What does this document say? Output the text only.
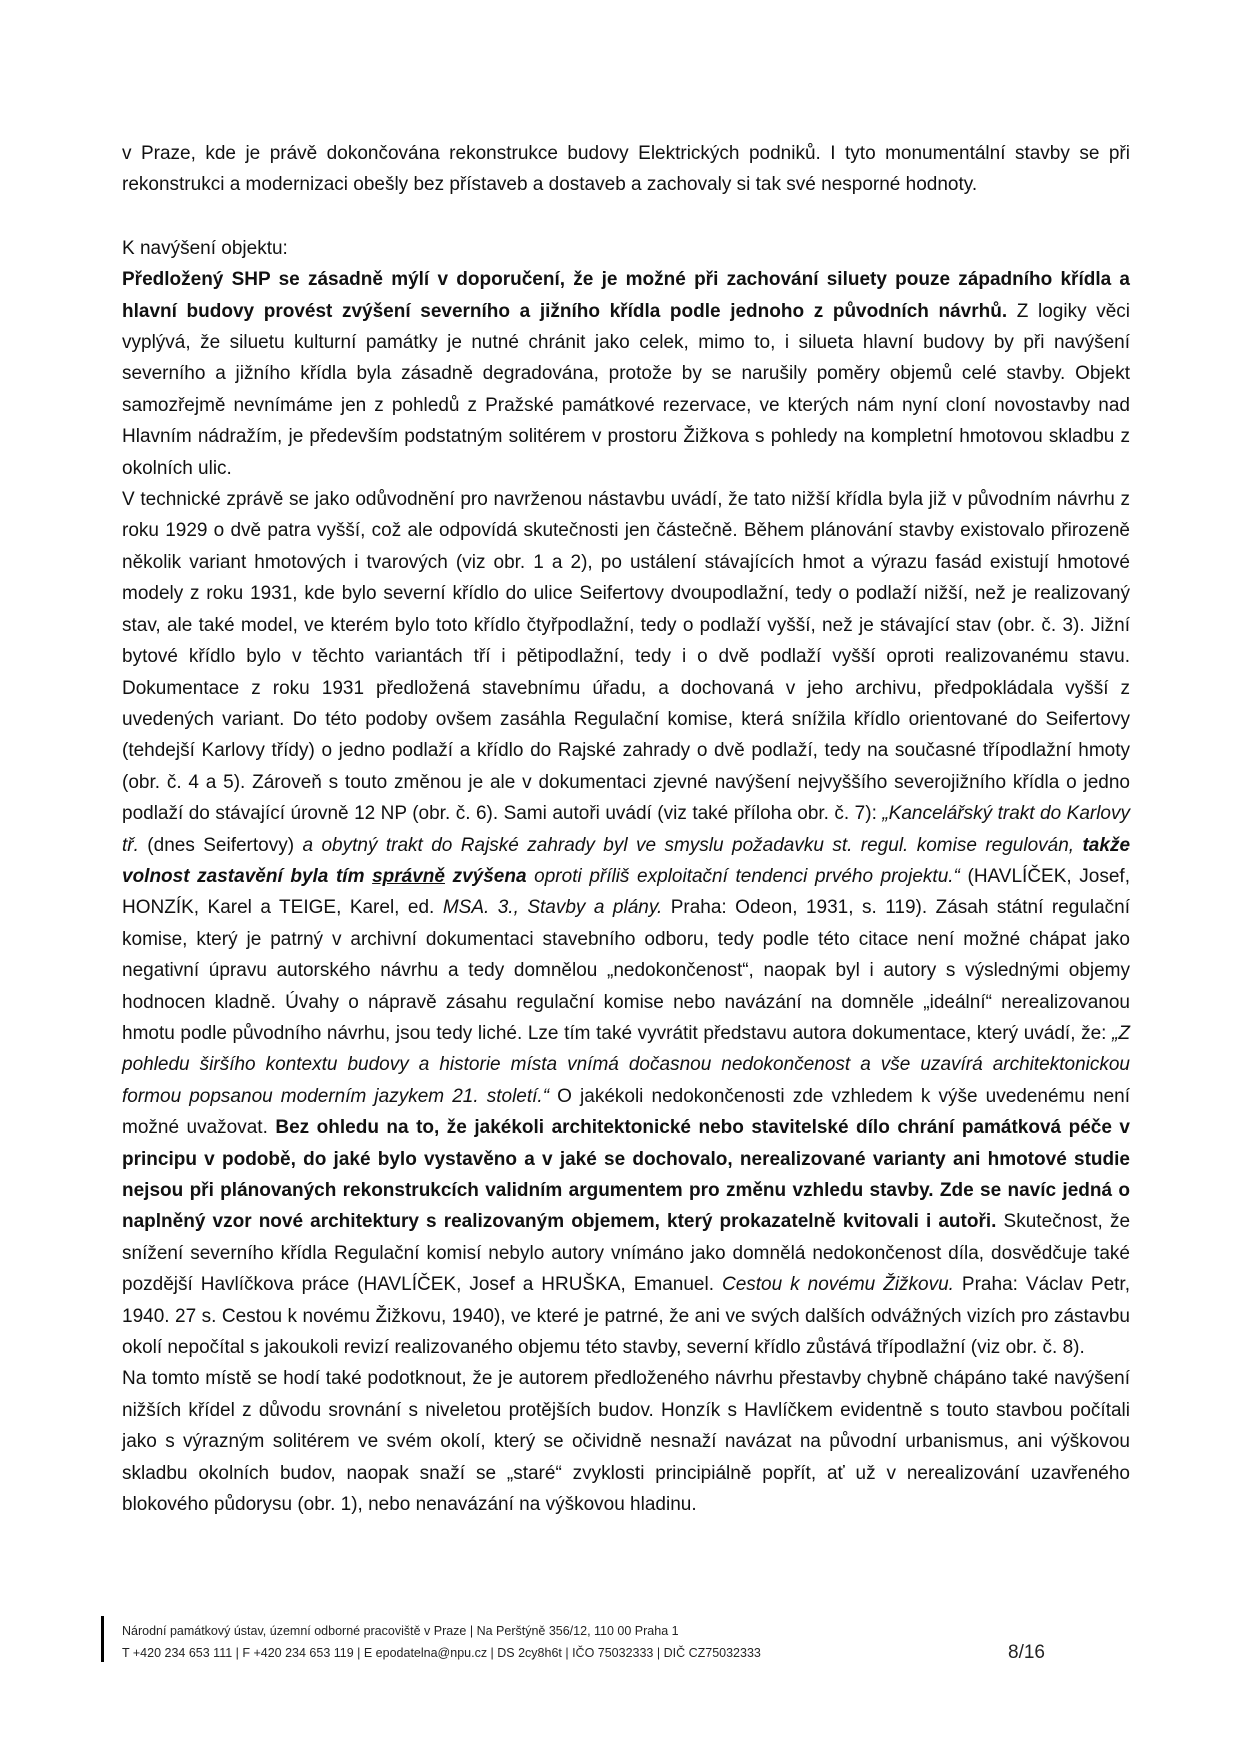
v Praze, kde je právě dokončována rekonstrukce budovy Elektrických podniků. I tyto monumentální stavby se při rekonstrukci a modernizaci obešly bez přístaveb a dostaveb a zachovaly si tak své nesporné hodnoty.

K navýšení objektu:

Předložený SHP se zásadně mýlí v doporučení, že je možné při zachování siluety pouze západního křídla a hlavní budovy provést zvýšení severního a jižního křídla podle jednoho z původních návrhů. Z logiky věci vyplývá, že siluetu kulturní památky je nutné chránit jako celek, mimo to, i silueta hlavní budovy by při navýšení severního a jižního křídla byla zásadně degradována, protože by se narušily poměry objemů celé stavby. Objekt samozřejmě nevnímáme jen z pohledů z Pražské památkové rezervace, ve kterých nám nyní cloní novostavby nad Hlavním nádražím, je především podstatným solitérem v prostoru Žižkova s pohledy na kompletní hmotovou skladbu z okolních ulic.

V technické zprávě se jako odůvodnění pro navrženou nástavbu uvádí, že tato nižší křídla byla již v původním návrhu z roku 1929 o dvě patra vyšší, což ale odpovídá skutečnosti jen částečně. Během plánování stavby existovalo přirozeně několik variant hmotových i tvarových (viz obr. 1 a 2), po ustálení stávajících hmot a výrazu fasád existují hmotové modely z roku 1931, kde bylo severní křídlo do ulice Seifertovy dvoupodlažní, tedy o podlaží nižší, než je realizovaný stav, ale také model, ve kterém bylo toto křídlo čtyřpodlažní, tedy o podlaží vyšší, než je stávající stav (obr. č. 3). Jižní bytové křídlo bylo v těchto variantách tří i pětipodlažní, tedy i o dvě podlaží vyšší oproti realizovanému stavu. Dokumentace z roku 1931 předložená stavebnímu úřadu, a dochovaná v jeho archivu, předpokládala vyšší z uvedených variant. Do této podoby ovšem zasáhla Regulační komise, která snížila křídlo orientované do Seifertovy (tehdejší Karlovy třídy) o jedno podlaží a křídlo do Rajské zahrady o dvě podlaží, tedy na současné třípodlažní hmoty (obr. č. 4 a 5). Zároveň s touto změnou je ale v dokumentaci zjevné navýšení nejvyššího severojižního křídla o jedno podlaží do stávající úrovně 12 NP (obr. č. 6). Sami autoři uvádí (viz také příloha obr. č. 7): „Kancelářský trakt do Karlovy tř. (dnes Seifertovy) a obytný trakt do Rajské zahrady byl ve smyslu požadavku st. regul. komise regulován, takže volnost zastavění byla tím správně zvýšena oproti příliš exploitační tendenci prvého projektu.“ (HAVLÍČEK, Josef, HONZÍK, Karel a TEIGE, Karel, ed. MSA. 3., Stavby a plány. Praha: Odeon, 1931, s. 119). Zásah státní regulační komise, který je patrný v archivní dokumentaci stavebního odboru, tedy podle této citace není možné chápat jako negativní úpravu autorského návrhu a tedy domnělou „nedokončenost“, naopak byl i autory s výslednými objemy hodnocen kladně. Úvahy o nápravě zásahu regulační komise nebo navázání na domněle „ideální“ nerealizovanou hmotu podle původního návrhu, jsou tedy liché. Lze tím také vyvrátit představu autora dokumentace, který uvádí, že: „Z pohledu širšího kontextu budovy a historie místa vnímá dočasnou nedokončenost a vše uzavírá architektonickou formou popsanou moderním jazykem 21. století.“ O jakékoli nedokončenosti zde vzhledem k výše uvedenému není možné uvažovat. Bez ohledu na to, že jakékoli architektonické nebo stavitelské dílo chrání památková péče v principu v podobě, do jaké bylo vystavěno a v jaké se dochovalo, nerealizované varianty ani hmotové studie nejsou při plánovaných rekonstrukcích validním argumentem pro změnu vzhledu stavby. Zde se navíc jedná o naplněný vzor nové architektury s realizovaným objemem, který prokazatelně kvitovali i autoři. Skutečnost, že snížení severního křídla Regulační komisí nebylo autory vnímáno jako domnělá nedokončenost díla, dosvědčuje také pozdější Havlíčkova práce (HAVLÍČEK, Josef a HRUŠKA, Emanuel. Cestou k novému Žižkovu. Praha: Václav Petr, 1940. 27 s. Cestou k novému Žižkovu, 1940), ve které je patrné, že ani ve svých dalších odvážných vizích pro zástavbu okolí nepočítal s jakoukoli revizí realizovaného objemu této stavby, severní křídlo zůstává třípodlažní (viz obr. č. 8).

Na tomto místě se hodí také podotknout, že je autorem předloženého návrhu přestavby chybně chápáno také navýšení nižších křídel z důvodu srovnání s niveletou protějších budov. Honzík s Havlíčkem evidentně s touto stavbou počítali jako s výrazným solitérem ve svém okolí, který se očividně nesnaží navázat na původní urbanismus, ani výškovou skladbu okolních budov, naopak snaží se „staré“ zvyklosti principiálně popřít, ať už v nerealizování uzavřeného blokového půdorysu (obr. 1), nebo nenavázání na výškovou hladinu.

Národní památkový ústav, územní odborné pracoviště v Praze | Na Perštýně 356/12, 110 00 Praha 1
T +420 234 653 111 | F +420 234 653 119 | E epodatelna@npu.cz | DS 2cy8h6t | IČO 75032333 | DIČ CZ75032333	8/16
